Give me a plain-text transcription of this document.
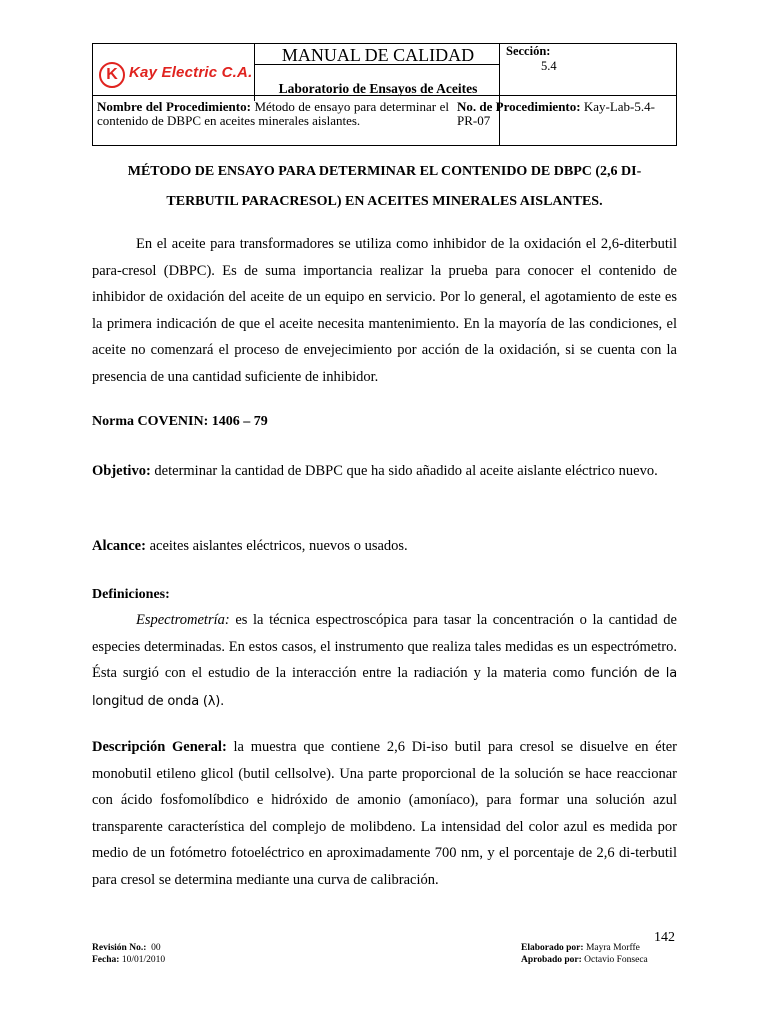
K Kay Electric C.A.
MANUAL DE CALIDAD
Laboratorio de Ensayos de Aceites
Sección:
5.4
Nombre del Procedimiento: Método de ensayo para determinar el contenido de DBPC en aceites minerales aislantes.
No. de Procedimiento: Kay-Lab-5.4-PR-07
MÉTODO DE ENSAYO PARA DETERMINAR EL CONTENIDO DE DBPC (2,6 DI-
TERBUTIL PARACRESOL) EN ACEITES MINERALES AISLANTES.
En el aceite para transformadores se utiliza como inhibidor de la oxidación el 2,6-diterbutil para-cresol (DBPC). Es de suma importancia realizar la prueba para conocer el contenido de inhibidor de oxidación del aceite de un equipo en servicio. Por lo general, el agotamiento de este es la primera indicación de que el aceite necesita mantenimiento. En la mayoría de las condiciones, el aceite no comenzará el proceso de envejecimiento por acción de la oxidación, si se cuenta con la presencia de una cantidad suficiente de inhibidor.
Norma COVENIN: 1406 – 79
Objetivo: determinar la cantidad de DBPC que ha sido añadido al aceite aislante eléctrico nuevo.
Alcance: aceites aislantes eléctricos, nuevos o usados.
Definiciones:
Espectrometría: es la técnica espectroscópica para tasar la concentración o la cantidad de especies determinadas. En estos casos, el instrumento que realiza tales medidas es un espectrómetro. Ésta surgió con el estudio de la interacción entre la radiación y la materia como función de la longitud de onda (λ).
Descripción General: la muestra que contiene 2,6 Di-iso butil para cresol se disuelve en éter monobutil etileno glicol (butil cellsolve). Una parte proporcional de la solución se hace reaccionar con ácido fosfomolíbdico e hidróxido de amonio (amoníaco), para formar una solución azul transparente característica del complejo de molibdeno. La intensidad del color azul es medida por medio de un fotómetro fotoeléctrico en aproximadamente 700 nm, y el porcentaje de 2,6 di-terbutil para cresol se determina mediante una curva de calibración.
142
Revisión No.: 00
Fecha: 10/01/2010
Elaborado por: Mayra Morffe
Aprobado por: Octavio Fonseca
